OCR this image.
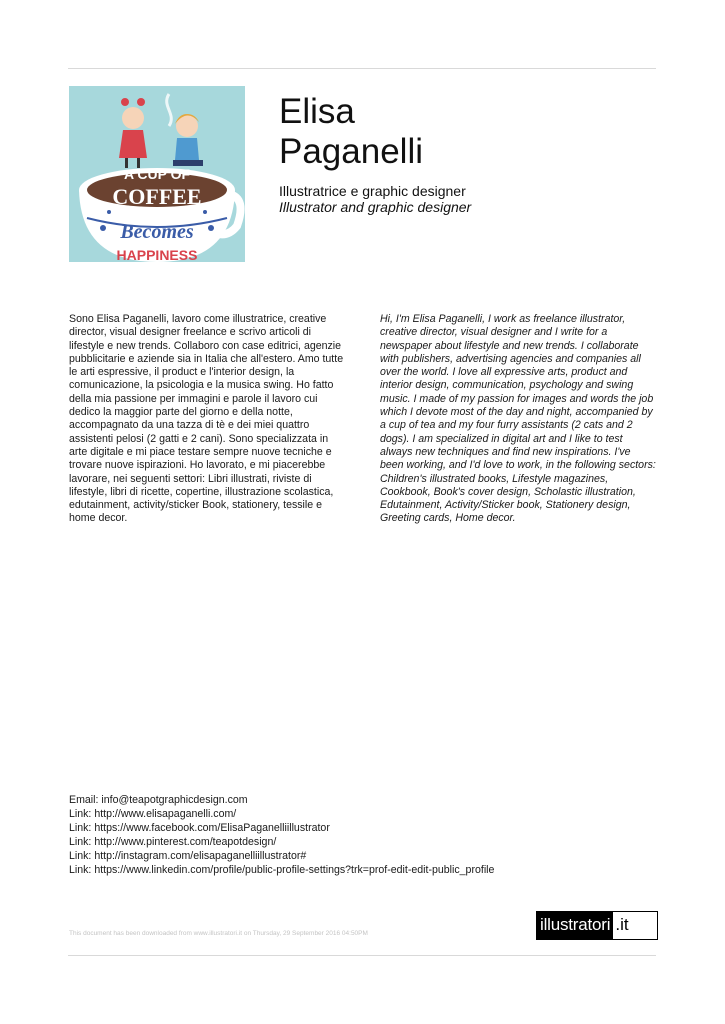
A CUP OF
COFFEE
Becomes
HAPPINESS
Elisa
Paganelli
Illustratrice e graphic designer
Illustrator and graphic designer
Sono Elisa Paganelli, lavoro come illustratrice, creative director, visual designer freelance e scrivo articoli di lifestyle e new trends. Collaboro con case editrici, agenzie pubblicitarie e aziende sia in Italia che all'estero. Amo tutte le arti espressive, il product e l'interior design, la comunicazione, la psicologia e la musica swing. Ho fatto della mia passione per immagini e parole il lavoro cui dedico la maggior parte del giorno e della notte, accompagnato da una tazza di tè e dei miei quattro assistenti pelosi (2 gatti e 2 cani). Sono specializzata in arte digitale e mi piace testare sempre nuove tecniche e trovare nuove ispirazioni. Ho lavorato, e mi piacerebbe lavorare, nei seguenti settori: Libri illustrati, riviste di lifestyle, libri di ricette, copertine, illustrazione scolastica, edutainment, activity/sticker Book, stationery, tessile e home decor.
Hi, I'm Elisa Paganelli, I work as freelance illustrator, creative director, visual designer and I write for a newspaper about lifestyle and new trends. I collaborate with publishers, advertising agencies and companies all over the world. I love all expressive arts, product and interior design, communication, psychology and swing music. I made of my passion for images and words the job which I devote most of the day and night, accompanied by a cup of tea and my four furry assistants (2 cats and 2 dogs). I am specialized in digital art and I like to test always new techniques and find new inspirations. I've been working, and I'd love to work, in the following sectors: Children's illustrated books, Lifestyle magazines, Cookbook, Book's cover design, Scholastic illustration, Edutainment, Activity/Sticker book, Stationery design, Greeting cards, Home decor.
Email: info@teapotgraphicdesign.com
Link: http://www.elisapaganelli.com/
Link: https://www.facebook.com/ElisaPaganelliillustrator
Link: http://www.pinterest.com/teapotdesign/
Link: http://instagram.com/elisapaganelliillustrator#
Link: https://www.linkedin.com/profile/public-profile-settings?trk=prof-edit-edit-public_profile
This document has been downloaded from www.illustratori.it on Thursday, 29 September 2016 04:50PM	illustratori .it
